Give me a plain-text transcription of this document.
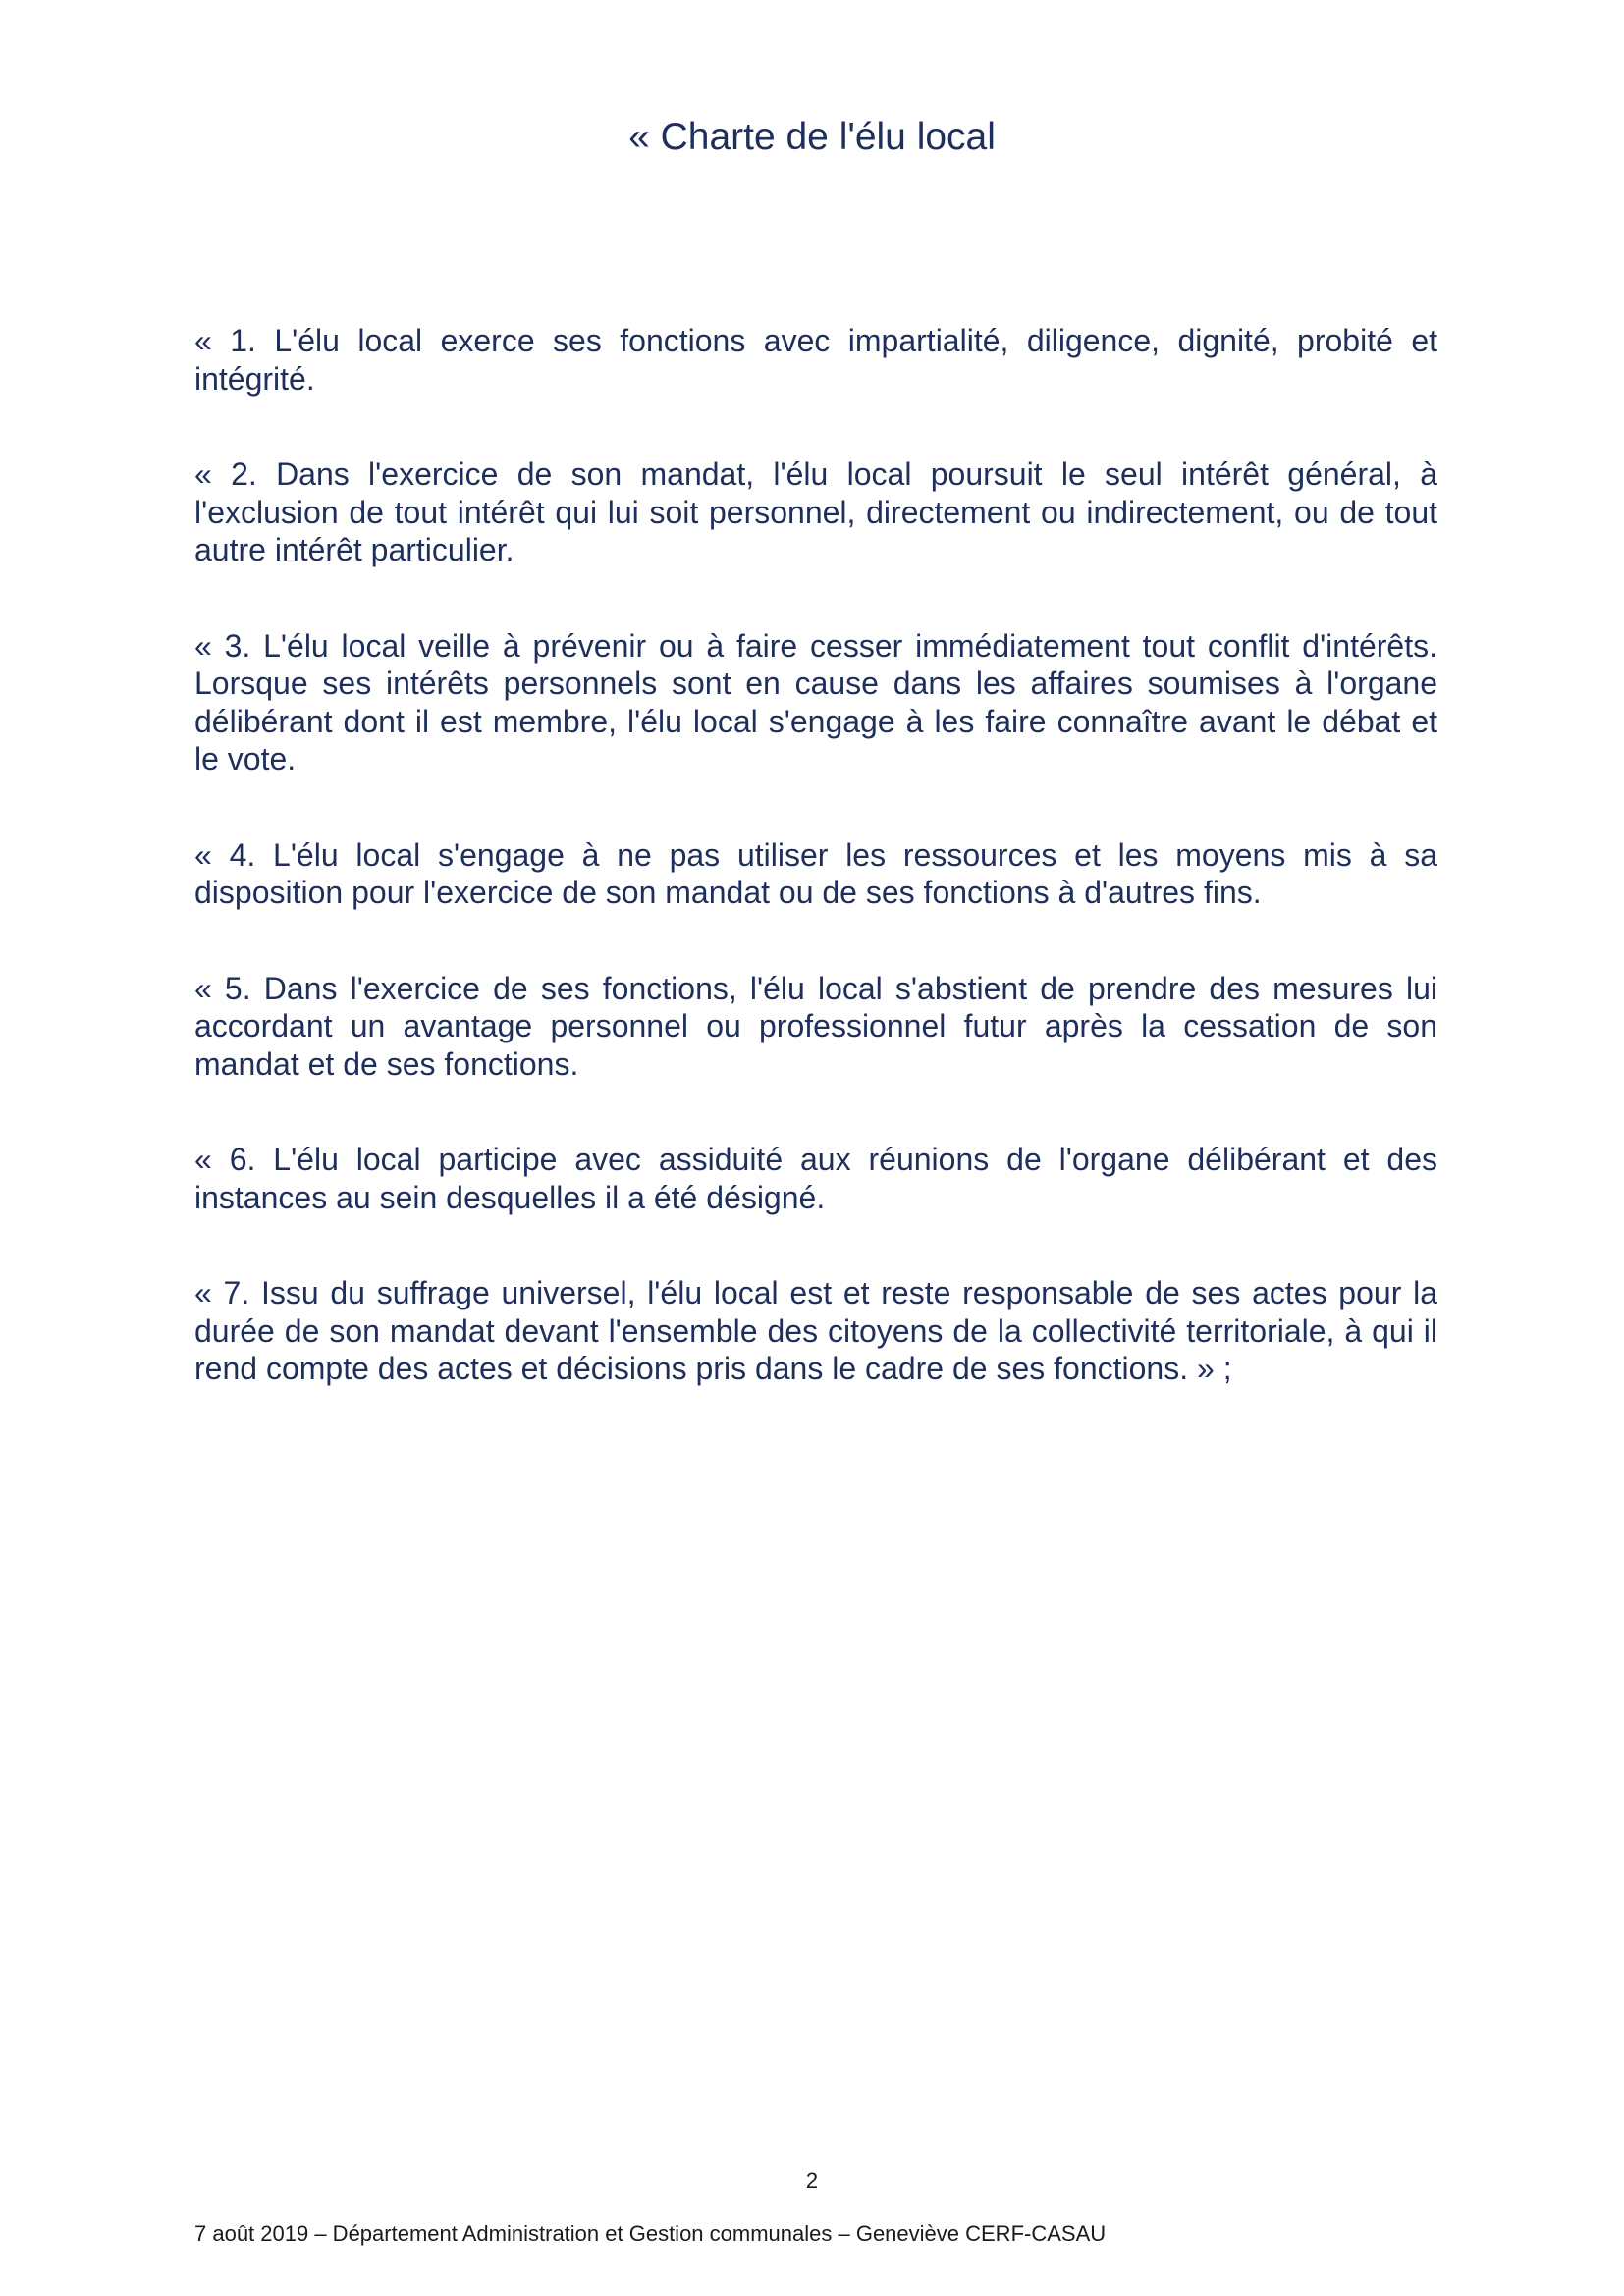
« Charte de l'élu local

« 1. L'élu local exerce ses fonctions avec impartialité, diligence, dignité, probité et intégrité.

« 2. Dans l'exercice de son mandat, l'élu local poursuit le seul intérêt général, à l'exclusion de tout intérêt qui lui soit personnel, directement ou indirectement, ou de tout autre intérêt particulier.

« 3. L'élu local veille à prévenir ou à faire cesser immédiatement tout conflit d'intérêts. Lorsque ses intérêts personnels sont en cause dans les affaires soumises à l'organe délibérant dont il est membre, l'élu local s'engage à les faire connaître avant le débat et le vote.

« 4. L'élu local s'engage à ne pas utiliser les ressources et les moyens mis à sa disposition pour l'exercice de son mandat ou de ses fonctions à d'autres fins.

« 5. Dans l'exercice de ses fonctions, l'élu local s'abstient de prendre des mesures lui accordant un avantage personnel ou professionnel futur après la cessation de son mandat et de ses fonctions.

« 6. L'élu local participe avec assiduité aux réunions de l'organe délibérant et des instances au sein desquelles il a été désigné.

« 7. Issu du suffrage universel, l'élu local est et reste responsable de ses actes pour la durée de son mandat devant l'ensemble des citoyens de la collectivité territoriale, à qui il rend compte des actes et décisions pris dans le cadre de ses fonctions. » ;

2
7 août 2019 – Département Administration et Gestion communales – Geneviève CERF-CASAU
